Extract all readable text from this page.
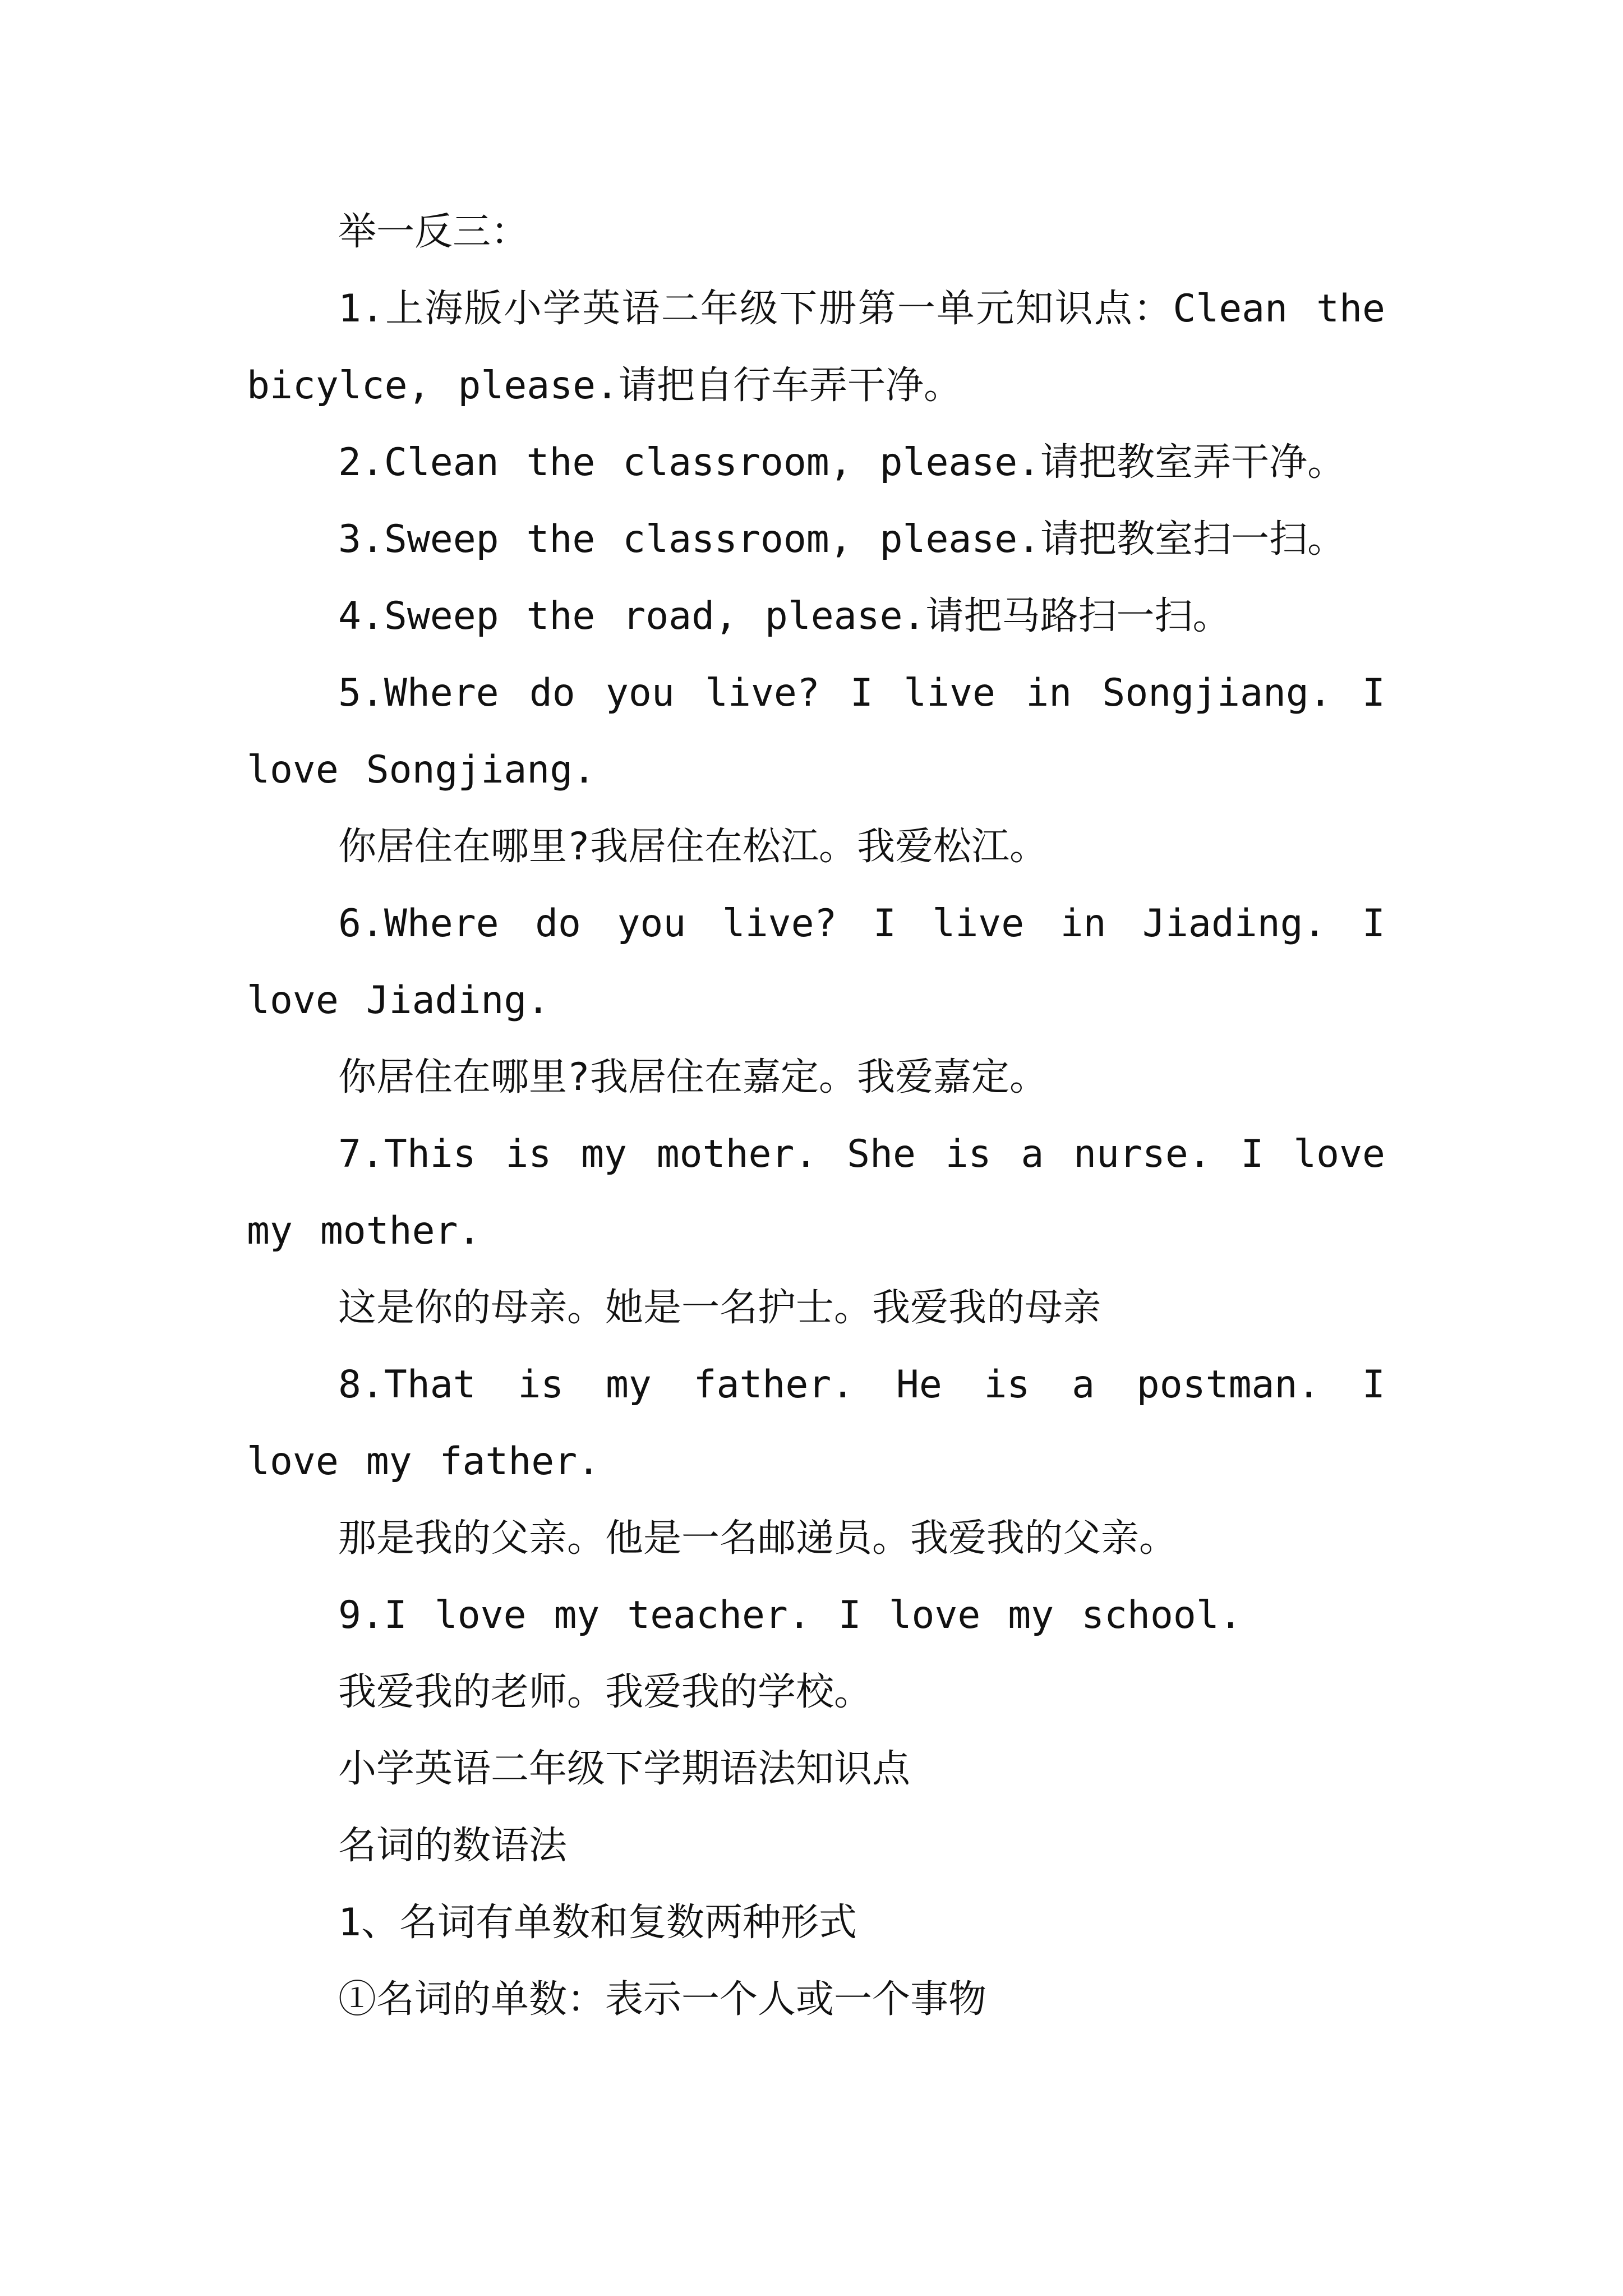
举一反三：

1.上海版小学英语二年级下册第一单元知识点：Clean the bicylce, please.请把自行车弄干净。

2.Clean the classroom, please.请把教室弄干净。

3.Sweep the classroom, please.请把教室扫一扫。

4.Sweep the road, please.请把马路扫一扫。

5.Where do you live? I live in Songjiang. I love Songjiang.

你居住在哪里?我居住在松江。我爱松江。

6.Where do you live? I live in Jiading. I love Jiading.

你居住在哪里?我居住在嘉定。我爱嘉定。

7.This is my mother. She is a nurse. I love my mother.

这是你的母亲。她是一名护士。我爱我的母亲

8.That is my father. He is a postman. I love my father.

那是我的父亲。他是一名邮递员。我爱我的父亲。

9.I love my teacher. I love my school.

我爱我的老师。我爱我的学校。

小学英语二年级下学期语法知识点

名词的数语法

1、名词有单数和复数两种形式

①名词的单数：表示一个人或一个事物
